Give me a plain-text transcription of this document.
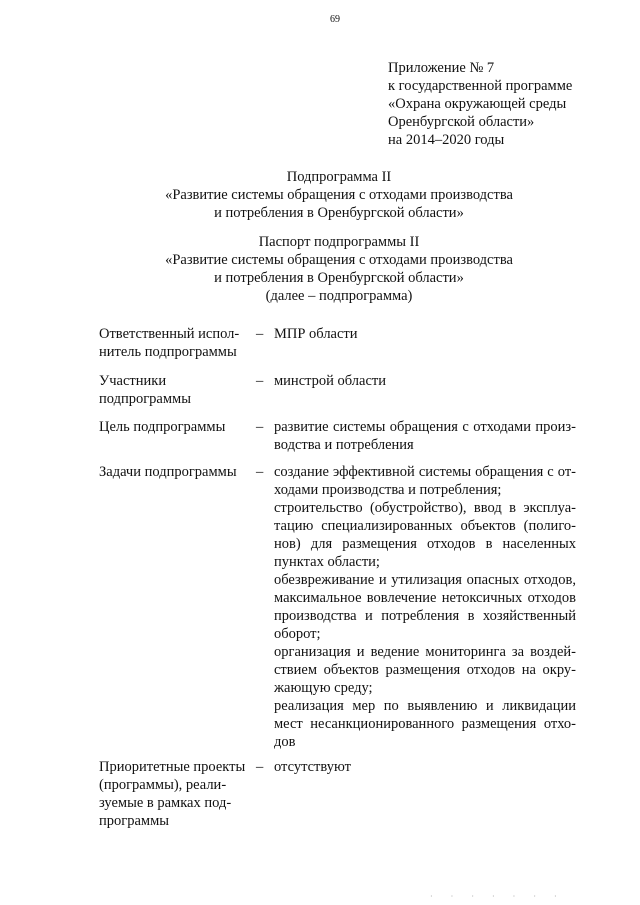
69
Приложение № 7
к государственной программе
«Охрана окружающей среды
Оренбургской области»
на 2014–2020 годы
Подпрограмма II
«Развитие системы обращения с отходами производства
и потребления в Оренбургской области»
Паспорт подпрограммы II
«Развитие системы обращения с отходами производства
и потребления в Оренбургской области»
(далее – подпрограмма)
Ответственный испол-
нитель подпрограммы
– МПР области
Участники
подпрограммы
– минстрой области
Цель подпрограммы	– развитие системы обращения с отходами произ-
водства и потребления
Задачи подпрограммы	– создание эффективной системы обращения с от-
ходами производства и потребления;
строительство (обустройство), ввод в эксплуа-
тацию специализированных объектов (полиго-
нов) для размещения отходов в населенных
пунктах области;
обезвреживание и утилизация опасных отходов,
максимальное вовлечение нетоксичных отходов
производства и потребления в хозяйственный
оборот;
организация и ведение мониторинга за воздей-
ствием объектов размещения отходов на окру-
жающую среду;
реализация мер по выявлению и ликвидации
мест несанкционированного размещения отхо-
дов
Приоритетные проекты
(программы), реали-
зуемые в рамках под-
программы
– отсутствуют
· · · · · · ·
